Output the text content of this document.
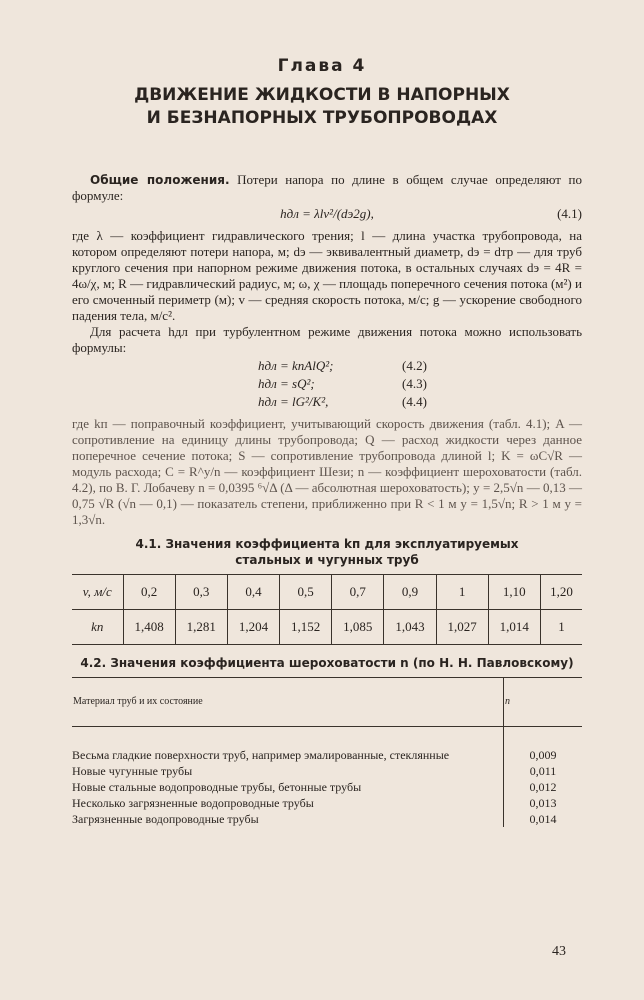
Глава 4
ДВИЖЕНИЕ ЖИДКОСТИ В НАПОРНЫХ
И БЕЗНАПОРНЫХ ТРУБОПРОВОДАХ

Общие положения. Потери напора по длине в общем случае определяют по формуле:

hдл = λlv²/(dэ2g),	(4.1)

где λ — коэффициент гидравлического трения; l — длина участка трубопровода, на котором определяют потери напора, м; dэ — эквивалентный диаметр, dэ = dтр — для труб круглого сечения при напорном режиме движения потока, в остальных случаях dэ = 4R = 4ω/χ, м; R — гидравлический радиус, м; ω, χ — площадь поперечного сечения потока (м²) и его смоченный периметр (м); v — средняя скорость потока, м/с; g — ускорение свободного падения тела, м/с².

Для расчета hдл при турбулентном режиме движения потока можно использовать формулы:

hдл = kпAlQ²;	(4.2)
hдл = sQ²;	(4.3)
hдл = lG²/K²,	(4.4)

где kп — поправочный коэффициент, учитывающий скорость движения (табл. 4.1); A — сопротивление на единицу длины трубопровода; Q — расход жидкости через данное поперечное сечение потока; S — сопротивление трубопровода длиной l; K = ωC√R — модуль расхода; C = R^y/n — коэффициент Шези; n — коэффициент шероховатости (табл. 4.2), по В. Г. Лобачеву n = 0,0395 ⁶√Δ (Δ — абсолютная шероховатость); y = 2,5√n — 0,13 — 0,75 √R (√n — 0,1) — показатель степени, приближенно при R < 1 м y = 1,5√n; R > 1 м y = 1,3√n.

4.1. Значения коэффициента kп для эксплуатируемых
стальных и чугунных труб
v, м/с	0,2	0,3	0,4	0,5	0,7	0,9	1	1,10	1,20
kп	1,408	1,281	1,204	1,152	1,085	1,043	1,027	1,014	1
4.2. Значения коэффициента шероховатости n (по Н. Н. Павловскому)
Материал труб и их состояние	n
Весьма гладкие поверхности труб, например эмалированные, стеклянные	0,009
Новые чугунные трубы	0,011
Новые стальные водопроводные трубы, бетонные трубы	0,012
Несколько загрязненные водопроводные трубы	0,013
Загрязненные водопроводные трубы	0,014
43
